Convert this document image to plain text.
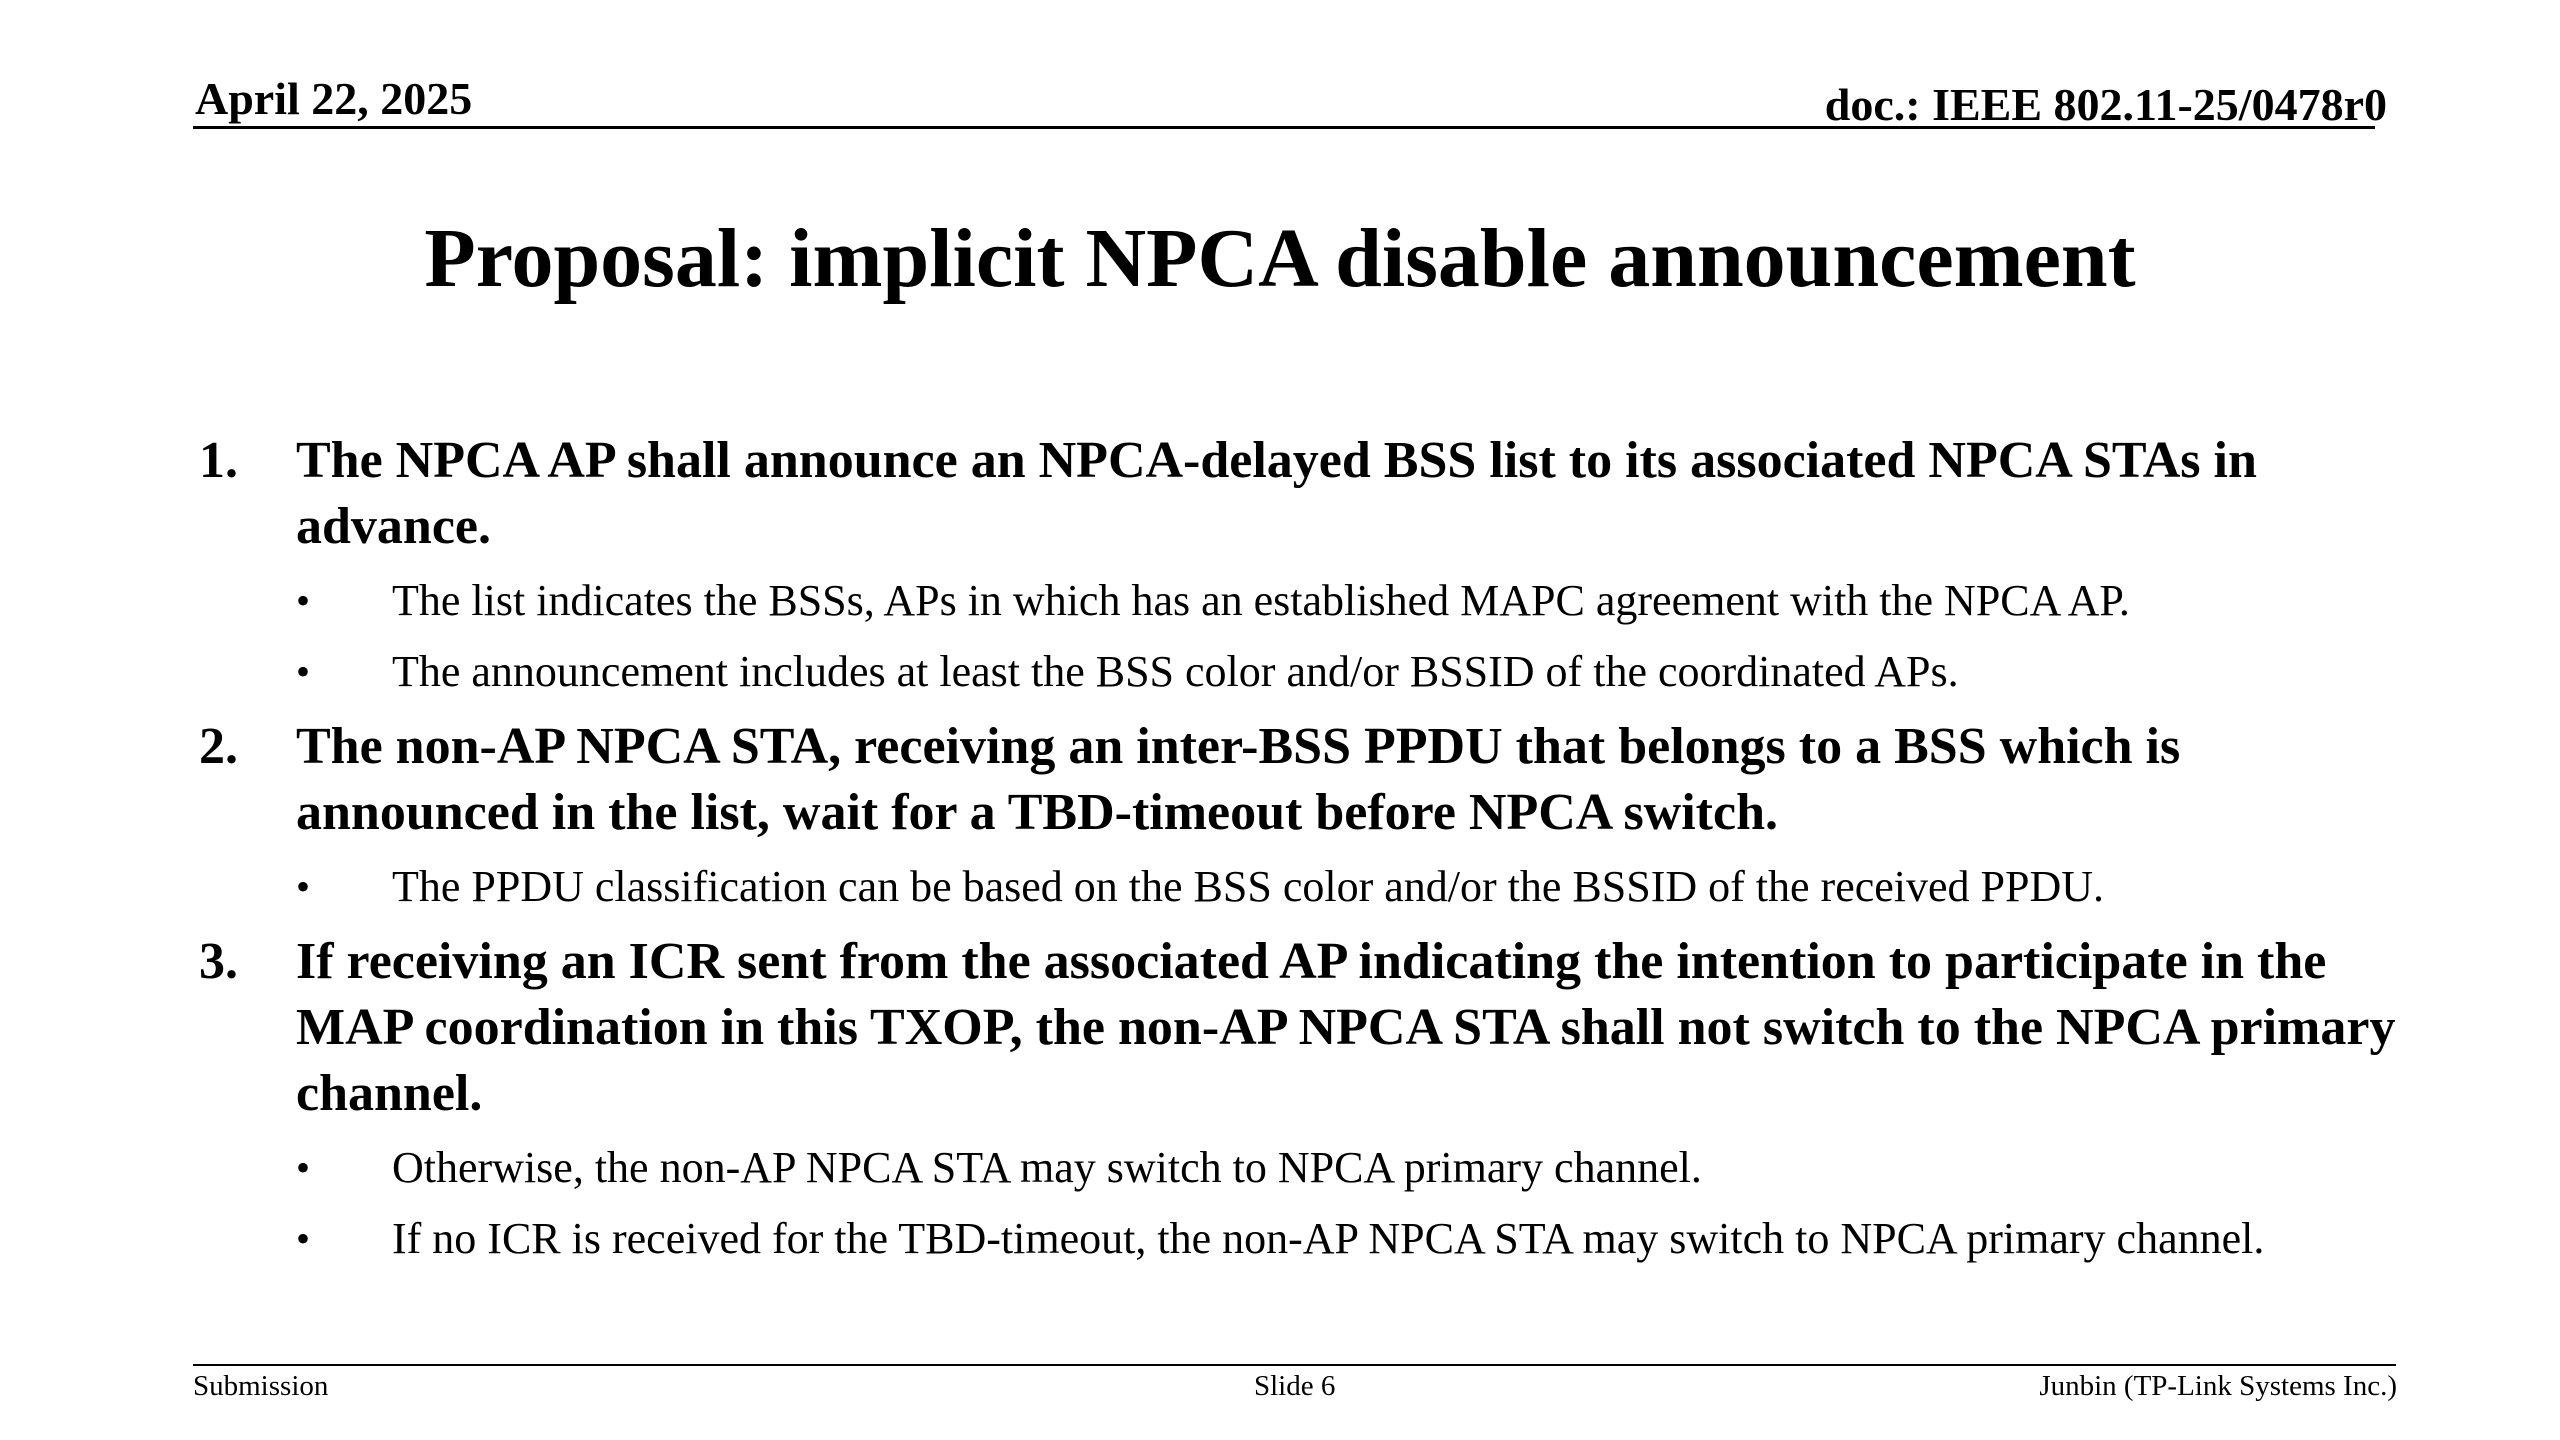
April 22, 2025	doc.: IEEE 802.11-25/0478r0
Proposal: implicit NPCA disable announcement
1. The NPCA AP shall announce an NPCA-delayed BSS list to its associated NPCA STAs in advance.
• The list indicates the BSSs, APs in which has an established MAPC agreement with the NPCA AP.
• The announcement includes at least the BSS color and/or BSSID of the coordinated APs.
2. The non-AP NPCA STA, receiving an inter-BSS PPDU that belongs to a BSS which is announced in the list, wait for a TBD-timeout before NPCA switch.
• The PPDU classification can be based on the BSS color and/or the BSSID of the received PPDU.
3. If receiving an ICR sent from the associated AP indicating the intention to participate in the MAP coordination in this TXOP, the non-AP NPCA STA shall not switch to the NPCA primary channel.
• Otherwise, the non-AP NPCA STA may switch to NPCA primary channel.
• If no ICR is received for the TBD-timeout, the non-AP NPCA STA may switch to NPCA primary channel.
Submission	Slide 6	Junbin (TP-Link Systems Inc.)
